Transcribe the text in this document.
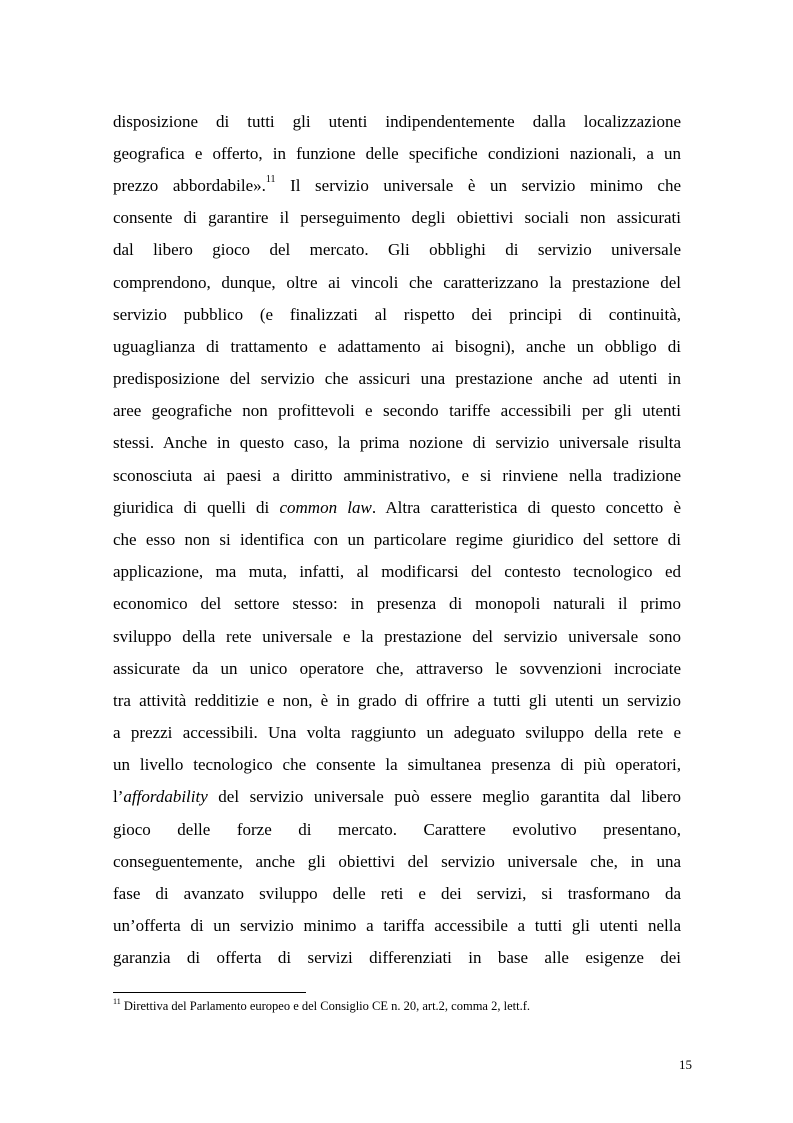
disposizione di tutti gli utenti indipendentemente dalla localizzazione
geografica e offerto, in funzione delle specifiche condizioni nazionali, a un
prezzo abbordabile».$^{11}$ Il servizio universale è un servizio minimo che
consente di garantire il perseguimento degli obiettivi sociali non assicurati
dal libero gioco del mercato. Gli obblighi di servizio universale
comprendono, dunque, oltre ai vincoli che caratterizzano la prestazione del
servizio pubblico (e finalizzati al rispetto dei principi di continuità,
uguaglianza di trattamento e adattamento ai bisogni), anche un obbligo di
predisposizione del servizio che assicuri una prestazione anche ad utenti in
aree geografiche non profittevoli e secondo tariffe accessibili per gli utenti
stessi. Anche in questo caso, la prima nozione di servizio universale risulta
sconosciuta ai paesi a diritto amministrativo, e si rinviene nella tradizione
giuridica di quelli di common law. Altra caratteristica di questo concetto è
che esso non si identifica con un particolare regime giuridico del settore di
applicazione, ma muta, infatti, al modificarsi del contesto tecnologico ed
economico del settore stesso: in presenza di monopoli naturali il primo
sviluppo della rete universale e la prestazione del servizio universale sono
assicurate da un unico operatore che, attraverso le sovvenzioni incrociate
tra attività redditizie e non, è in grado di offrire a tutti gli utenti un servizio
a prezzi accessibili. Una volta raggiunto un adeguato sviluppo della rete e
un livello tecnologico che consente la simultanea presenza di più operatori,
l’affordability del servizio universale può essere meglio garantita dal libero
gioco delle forze di mercato. Carattere evolutivo presentano,
conseguentemente, anche gli obiettivi del servizio universale che, in una
fase di avanzato sviluppo delle reti e dei servizi, si trasformano da
un’offerta di un servizio minimo a tariffa accessibile a tutti gli utenti nella
garanzia di offerta di servizi differenziati in base alle esigenze dei
$^{11}$ Direttiva del Parlamento europeo e del Consiglio CE n. 20, art.2, comma 2, lett.f.
15
